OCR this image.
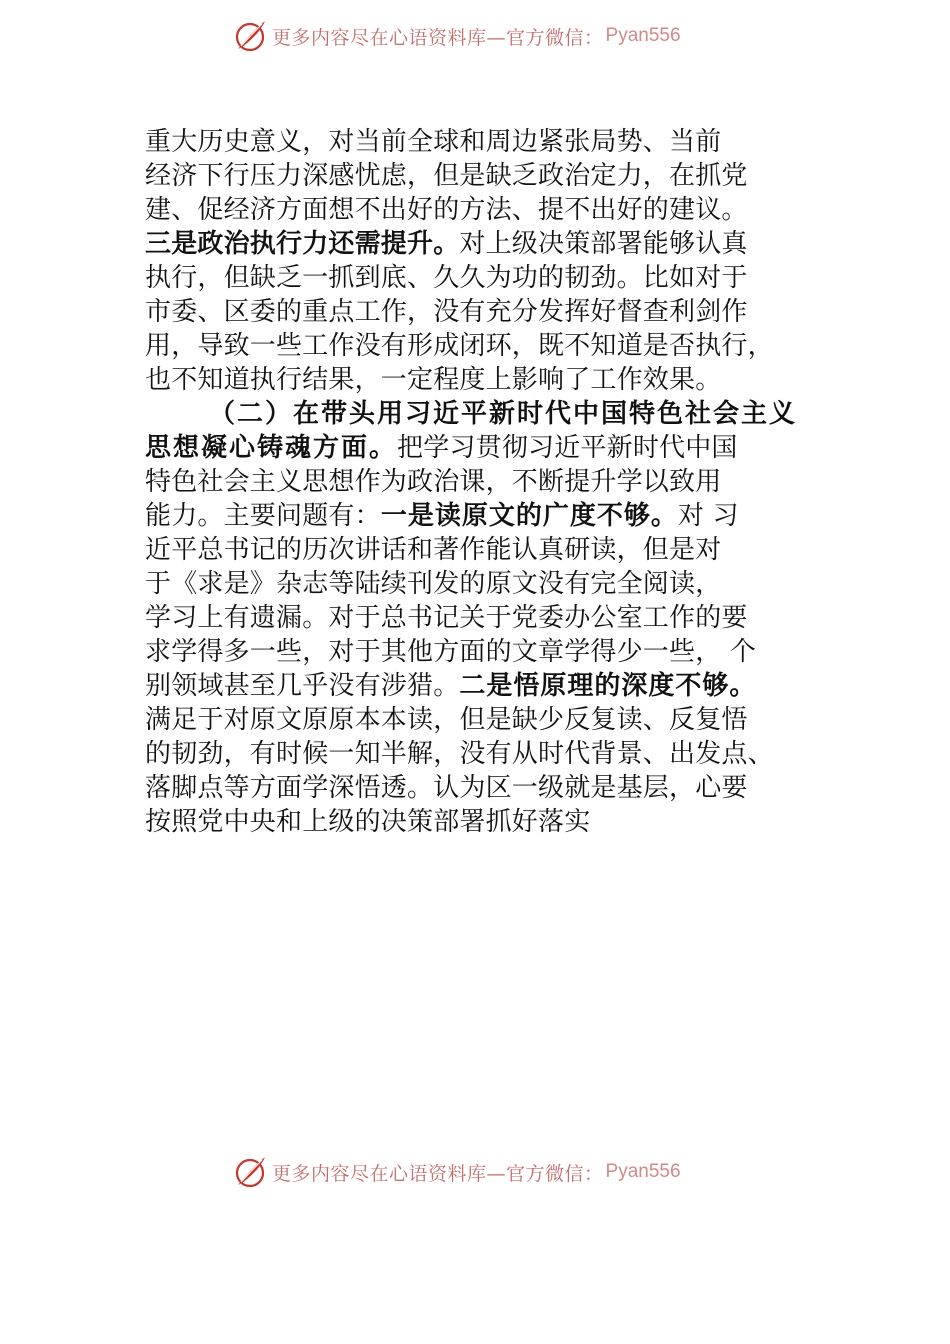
更多内容尽在心语资料库—官方微信： Pyan556
重大历史意义，对当前全球和周边紧张局势、当前
经济下行压力深感忧虑，但是缺乏政治定力，在抓党
建、促经济方面想不出好的方法、提不出好的建议。
三是政治执行力还需提升。对上级决策部署能够认真
执行，但缺乏一抓到底、久久为功的韧劲。比如对于
市委、区委的重点工作，没有充分发挥好督查利剑作
用，导致一些工作没有形成闭环，既不知道是否执行，
也不知道执行结果，一定程度上影响了工作效果。
（二）在带头用习近平新时代中国特色社会主义
思想凝心铸魂方面。把学习贯彻习近平新时代中国
特色社会主义思想作为政治课，不断提升学以致用
能力。主要问题有：一是读原文的广度不够。对 习
近平总书记的历次讲话和著作能认真研读，但是对
于《求是》杂志等陆续刊发的原文没有完全阅读，
学习上有遗漏。对于总书记关于党委办公室工作的要
求学得多一些，对于其他方面的文章学得少一些， 个
别领域甚至几乎没有涉猎。二是悟原理的深度不够。
满足于对原文原原本本读，但是缺少反复读、反复悟
的韧劲，有时候一知半解，没有从时代背景、出发点、
落脚点等方面学深悟透。认为区一级就是基层，心要
按照党中央和上级的决策部署抓好落实
更多内容尽在心语资料库—官方微信： Pyan556
